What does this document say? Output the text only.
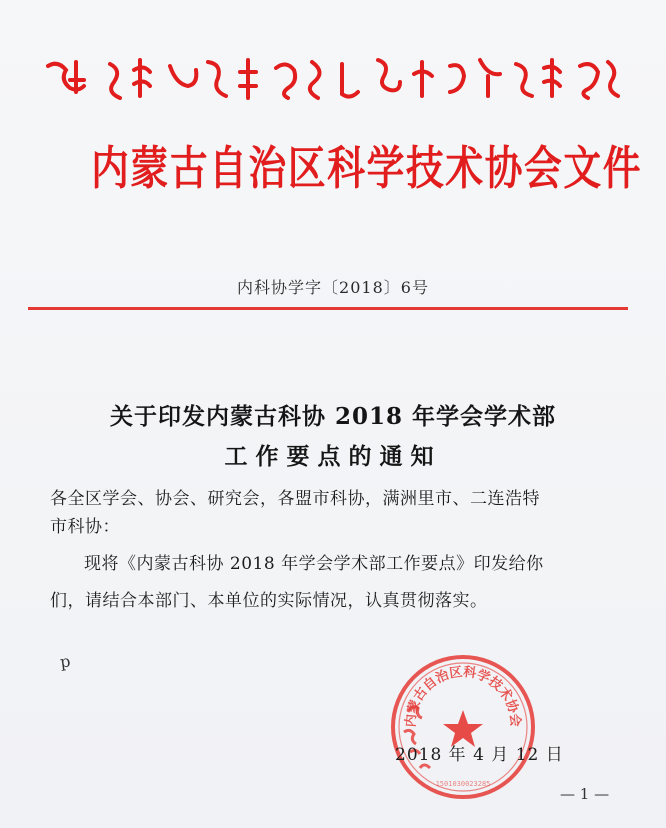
内蒙古自治区科学技术协会文件
内科协学字〔2018〕6号
关于印发内蒙古科协 2018 年学会学术部
工作要点的通知
各全区学会、协会、研究会，各盟市科协，满洲里市、二连浩特
市科协：
现将《内蒙古科协 2018 年学会学术部工作要点》印发给你
们，请结合本部门、本单位的实际情况，认真贯彻落实。
p
内蒙古自治区科学技术协会
1501030023285
2018 年 4 月 12 日
— 1 —
